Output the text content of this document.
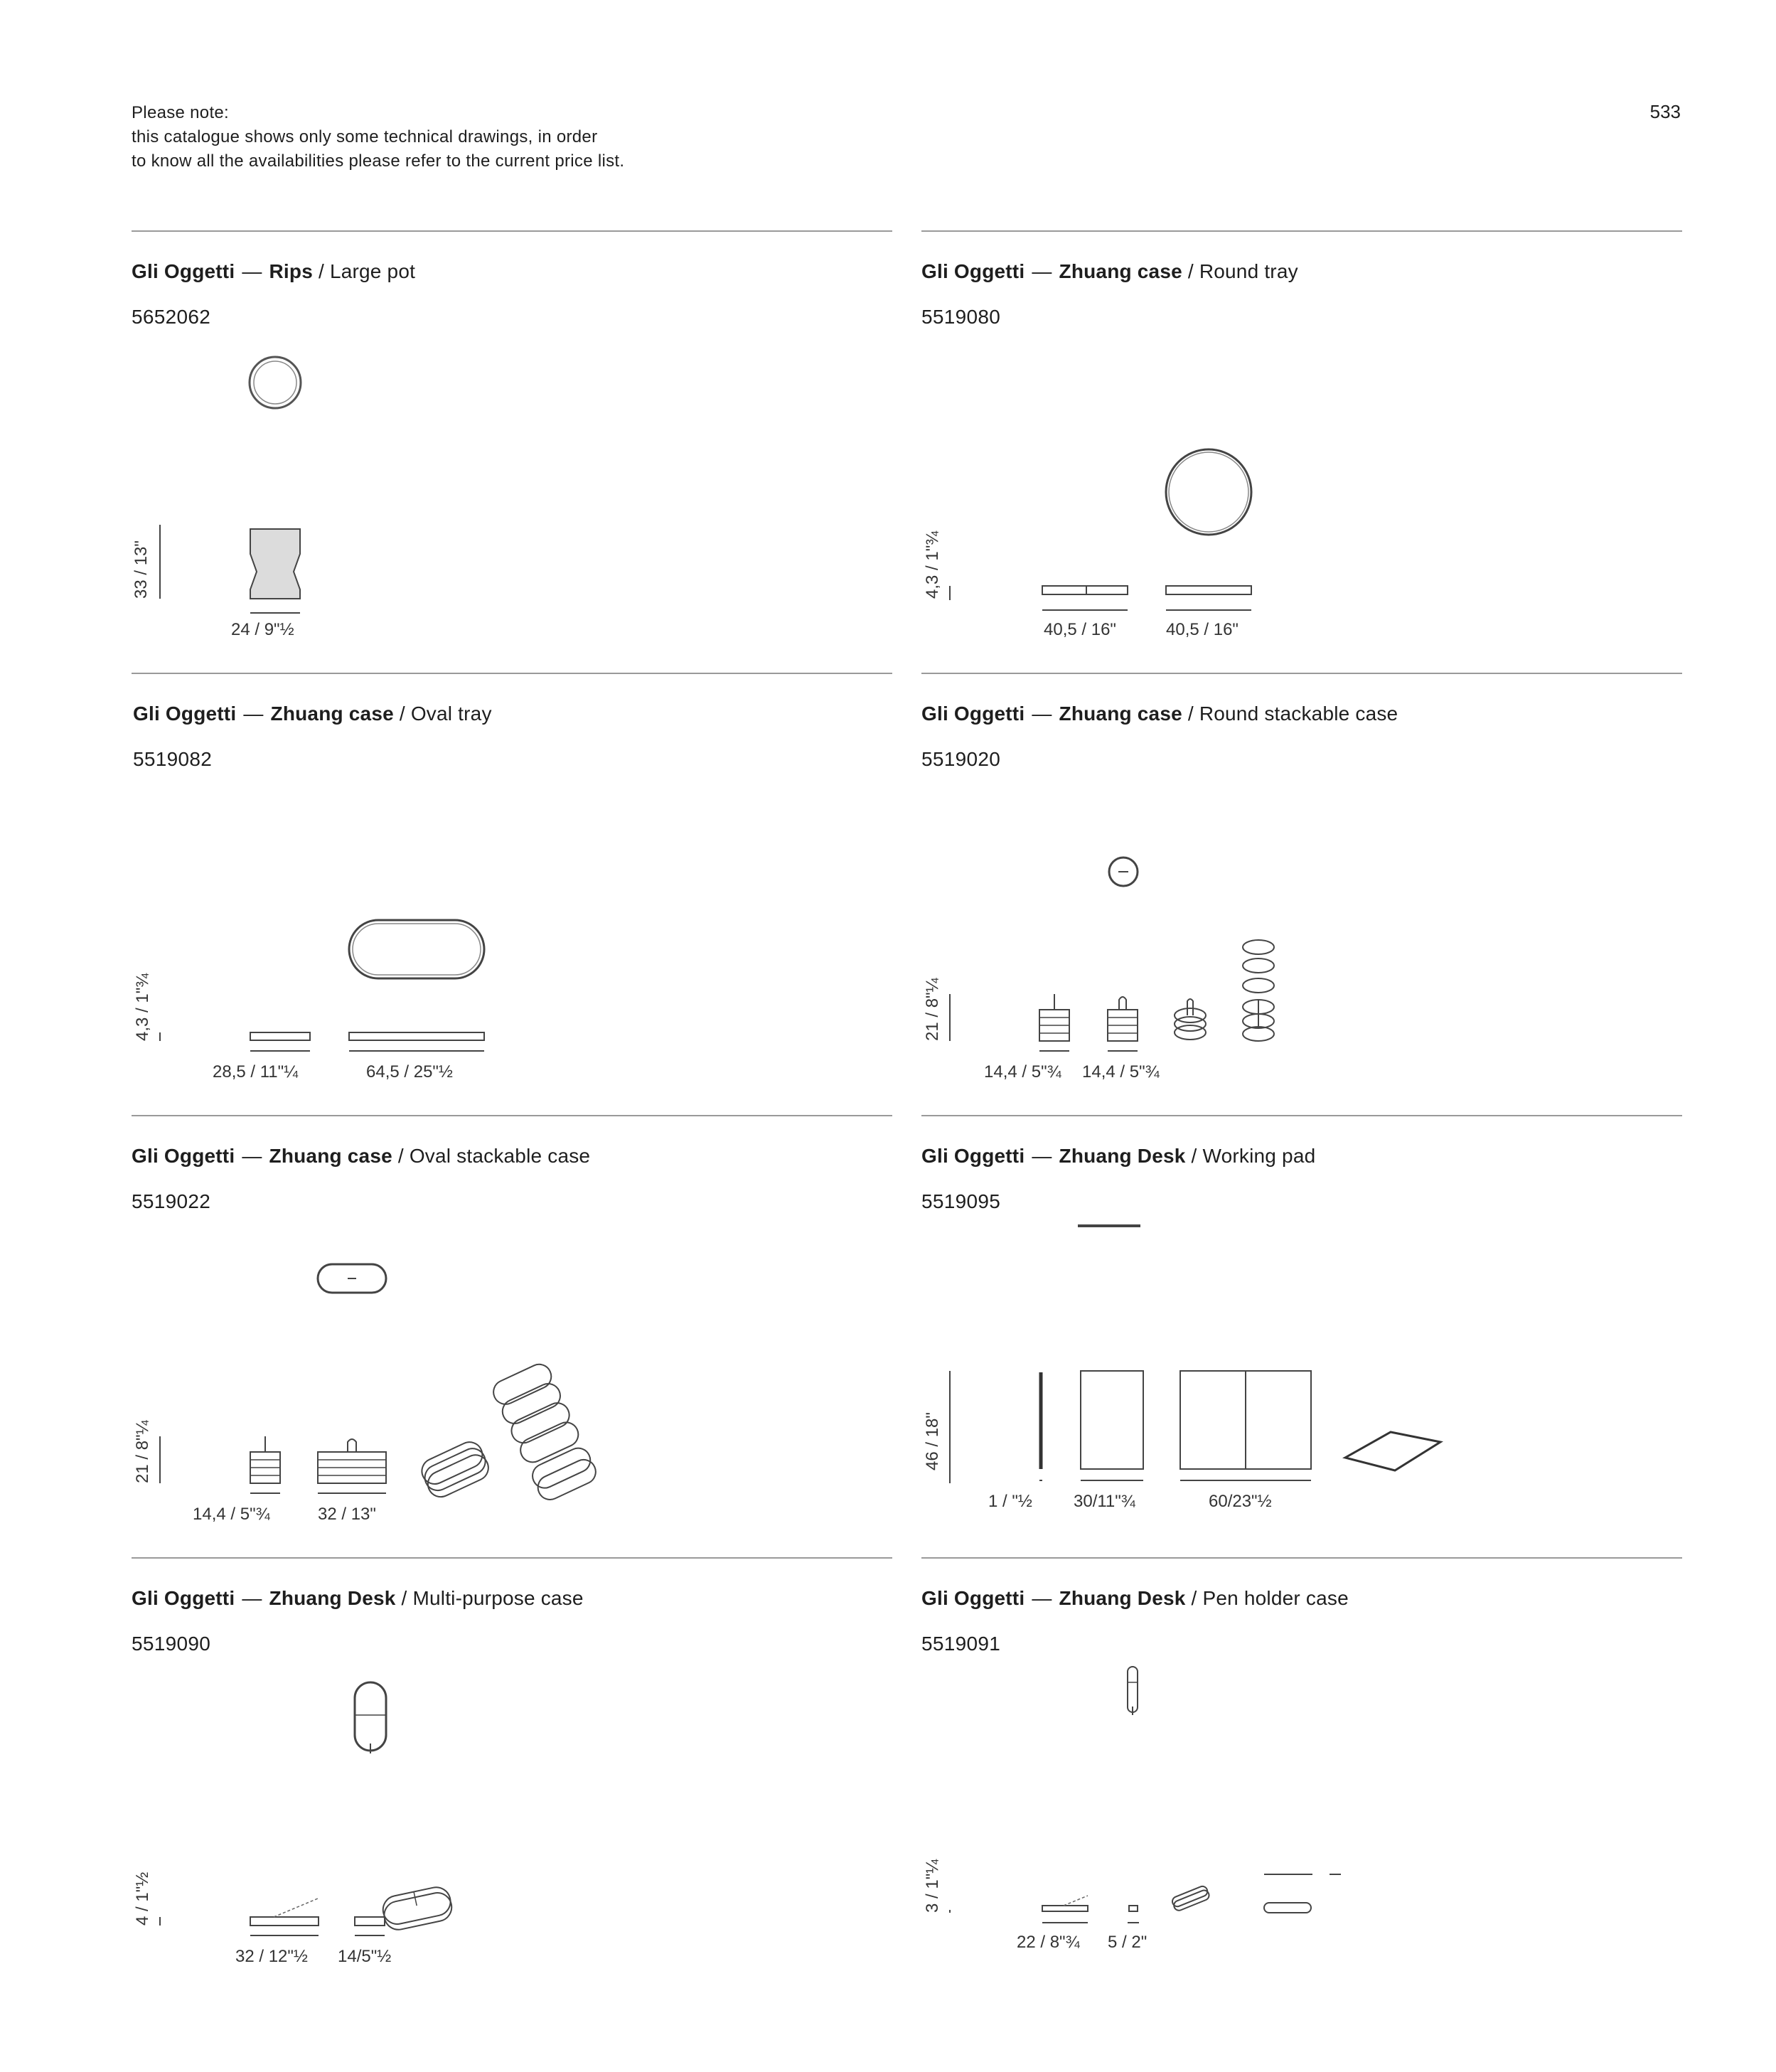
Please note:
this catalogue shows only some technical drawings, in order
to know all the availabilities please refer to the current price list.
533
Gli Oggetti — Rips / Large pot
5652062
33 / 13"
24 / 9"½
Gli Oggetti — Zhuang case / Round tray
5519080
4,3 / 1"¾
40,5 / 16"	40,5 / 16"
Gli Oggetti — Zhuang case / Oval tray
5519082
4,3 / 1"¾
28,5 / 11"¼	64,5 / 25"½
Gli Oggetti — Zhuang case / Round stackable case
5519020
21 / 8"¼
14,4 / 5"¾ 14,4 / 5"¾
Gli Oggetti — Zhuang case / Oval stackable case
5519022
21 / 8"¼
14,4 / 5"¾	32 / 13"
Gli Oggetti — Zhuang Desk / Working pad
5519095
46 / 18"
1 / "½ 30/11"¾	60/23"½
Gli Oggetti — Zhuang Desk / Multi-purpose case
5519090
4 / 1"½
32 / 12"½ 14/5"½
Gli Oggetti — Zhuang Desk / Pen holder case
5519091
3 / 1"¼
22 / 8"¾ 5 / 2"
